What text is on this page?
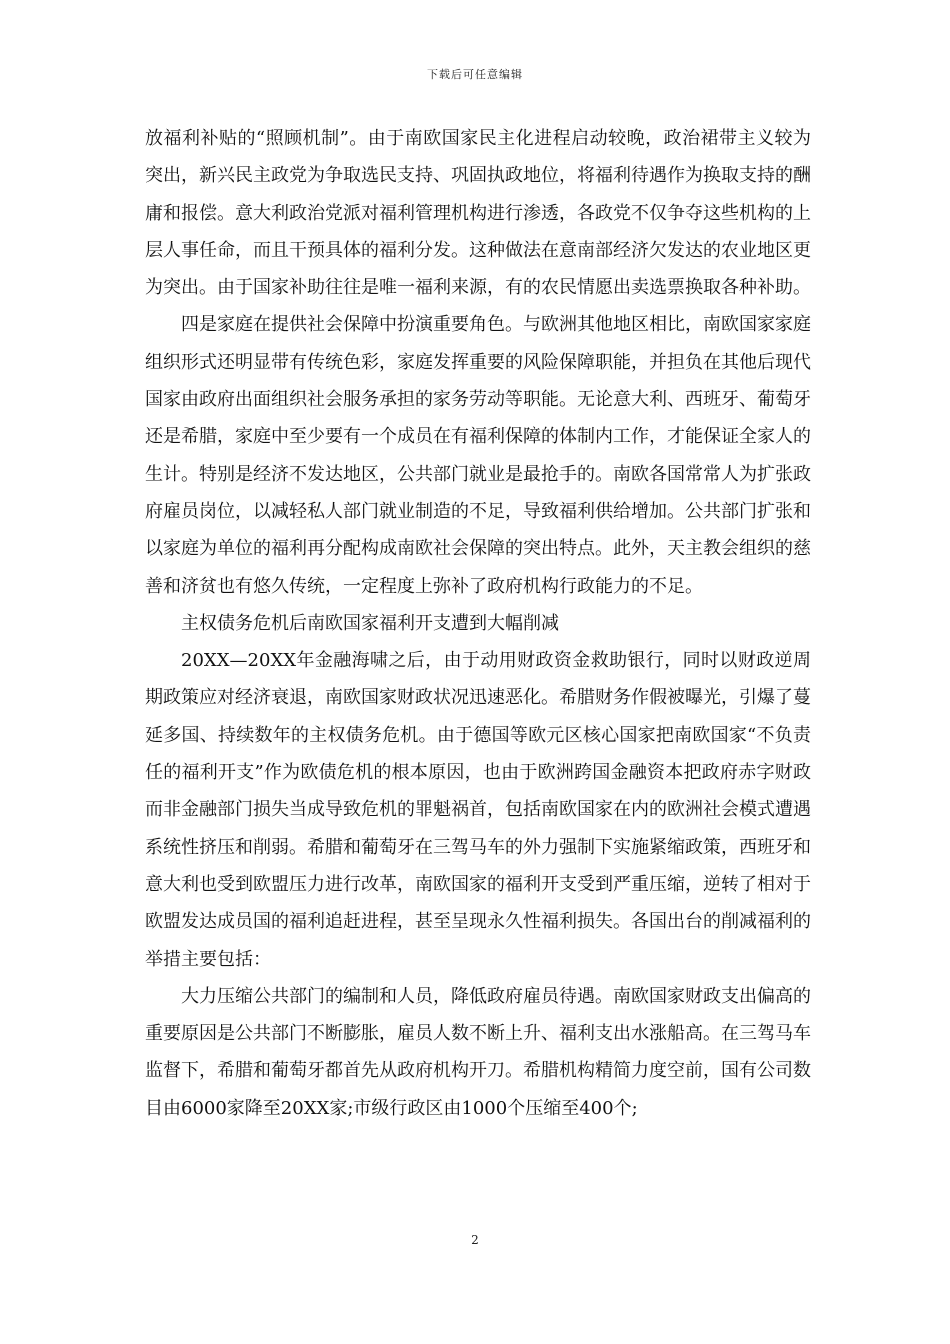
下载后可任意编辑

放福利补贴的“照顾机制”。由于南欧国家民主化进程启动较晚，政治裙带主义较为突出，新兴民主政党为争取选民支持、巩固执政地位，将福利待遇作为换取支持的酬庸和报偿。意大利政治党派对福利管理机构进行渗透，各政党不仅争夺这些机构的上层人事任命，而且干预具体的福利分发。这种做法在意南部经济欠发达的农业地区更为突出。由于国家补助往往是唯一福利来源，有的农民情愿出卖选票换取各种补助。

四是家庭在提供社会保障中扮演重要角色。与欧洲其他地区相比，南欧国家家庭组织形式还明显带有传统色彩，家庭发挥重要的风险保障职能，并担负在其他后现代国家由政府出面组织社会服务承担的家务劳动等职能。无论意大利、西班牙、葡萄牙还是希腊，家庭中至少要有一个成员在有福利保障的体制内工作，才能保证全家人的生计。特别是经济不发达地区，公共部门就业是最抢手的。南欧各国常常人为扩张政府雇员岗位，以减轻私人部门就业制造的不足，导致福利供给增加。公共部门扩张和以家庭为单位的福利再分配构成南欧社会保障的突出特点。此外，天主教会组织的慈善和济贫也有悠久传统，一定程度上弥补了政府机构行政能力的不足。

主权债务危机后南欧国家福利开支遭到大幅削减

20XX—20XX年金融海啸之后，由于动用财政资金救助银行，同时以财政逆周期政策应对经济衰退，南欧国家财政状况迅速恶化。希腊财务作假被曝光，引爆了蔓延多国、持续数年的主权债务危机。由于德国等欧元区核心国家把南欧国家“不负责任的福利开支”作为欧债危机的根本原因，也由于欧洲跨国金融资本把政府赤字财政而非金融部门损失当成导致危机的罪魁祸首，包括南欧国家在内的欧洲社会模式遭遇系统性挤压和削弱。希腊和葡萄牙在三驾马车的外力强制下实施紧缩政策，西班牙和意大利也受到欧盟压力进行改革，南欧国家的福利开支受到严重压缩，逆转了相对于欧盟发达成员国的福利追赶进程，甚至呈现永久性福利损失。各国出台的削减福利的举措主要包括：

大力压缩公共部门的编制和人员，降低政府雇员待遇。南欧国家财政支出偏高的重要原因是公共部门不断膨胀，雇员人数不断上升、福利支出水涨船高。在三驾马车监督下，希腊和葡萄牙都首先从政府机构开刀。希腊机构精简力度空前，国有公司数目由6000家降至20XX家;市级行政区由1000个压缩至400个;

2
